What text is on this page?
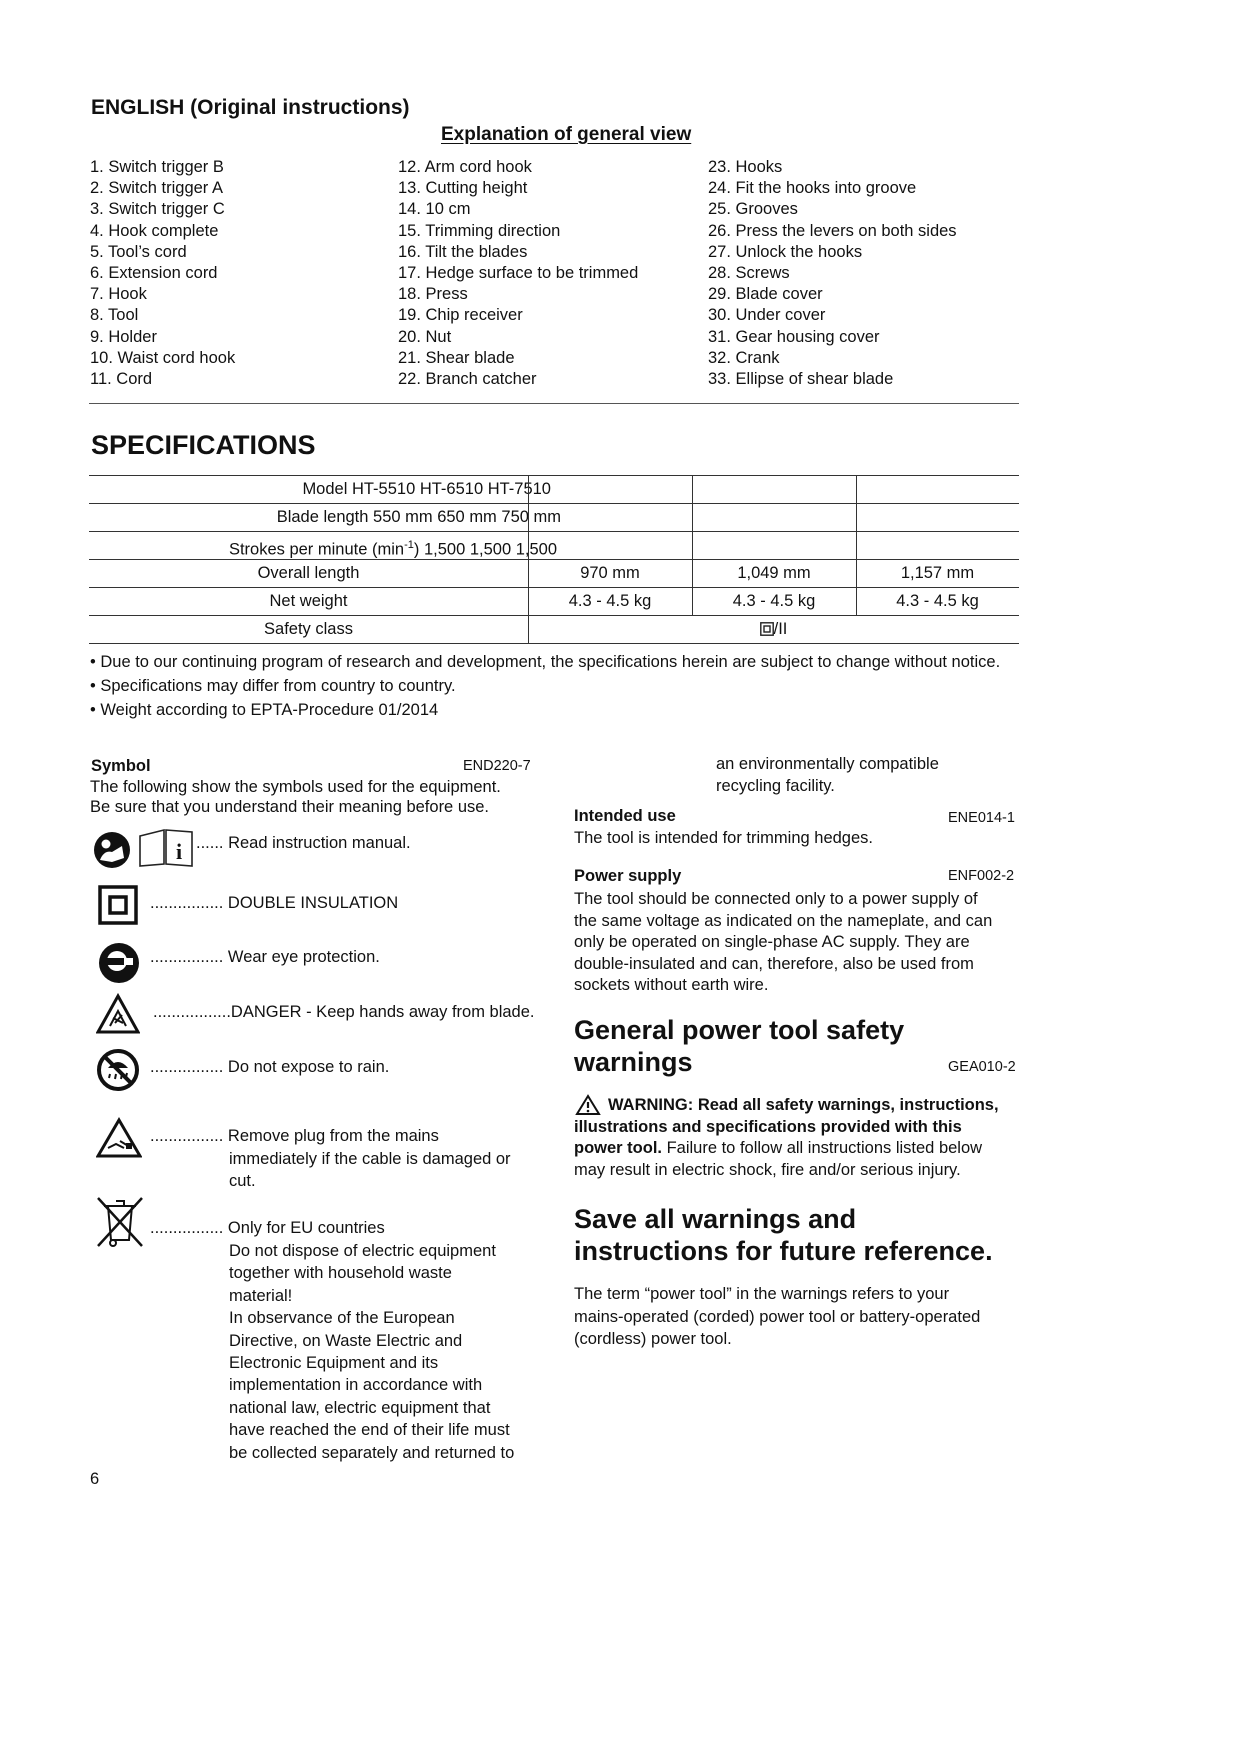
ENGLISH (Original instructions)
Explanation of general view
1. Switch trigger B
2. Switch trigger A
3. Switch trigger C
4. Hook complete
5. Tool’s cord
6. Extension cord
7. Hook
8. Tool
9. Holder
10. Waist cord hook
11. Cord
12. Arm cord hook
13. Cutting height
14. 10 cm
15. Trimming direction
16. Tilt the blades
17. Hedge surface to be trimmed
18. Press
19. Chip receiver
20. Nut
21. Shear blade
22. Branch catcher
23. Hooks
24. Fit the hooks into groove
25. Grooves
26. Press the levers on both sides
27. Unlock the hooks
28. Screws
29. Blade cover
30. Under cover
31. Gear housing cover
32. Crank
33. Ellipse of shear blade
SPECIFICATIONS
Model HT-5510 HT-6510 HT-7510
Blade length 550 mm 650 mm 750 mm
Strokes per minute $(\min^{-1})$ 1,500 1,500 1,500
Overall length	970 mm	1,049 mm	1,157 mm
Net weight	4.3 - 4.5 kg	4.3 - 4.5 kg	4.3 - 4.5 kg
Safety class	/II
• Due to our continuing program of research and development, the specifications herein are subject to change without notice.
• Specifications may differ from country to country.
• Weight according to EPTA-Procedure 01/2014
Symbol	END220-7
The following show the symbols used for the equipment.
Be sure that you understand their meaning before use.
i ...... Read instruction manual.
................ DOUBLE INSULATION
................ Wear eye protection.
.................DANGER - Keep hands away from blade.
................ Do not expose to rain.
................ Remove plug from the mains
immediately if the cable is damaged or
cut.
................ Only for EU countries
Do not dispose of electric equipment
together with household waste
material!
In observance of the European
Directive, on Waste Electric and
Electronic Equipment and its
implementation in accordance with
national law, electric equipment that
have reached the end of their life must
be collected separately and returned to
an environmentally compatible
recycling facility.
Intended use	ENE014-1
The tool is intended for trimming hedges.
Power supply	ENF002-2
The tool should be connected only to a power supply of
the same voltage as indicated on the nameplate, and can
only be operated on single-phase AC supply. They are
double-insulated and can, therefore, also be used from
sockets without earth wire.
General power tool safety
warnings	GEA010-2
WARNING: Read all safety warnings, instructions,
illustrations and specifications provided with this
power tool. Failure to follow all instructions listed below
may result in electric shock, fire and/or serious injury.
Save all warnings and
instructions for future reference.
The term “power tool” in the warnings refers to your
mains-operated (corded) power tool or battery-operated
(cordless) power tool.
6
